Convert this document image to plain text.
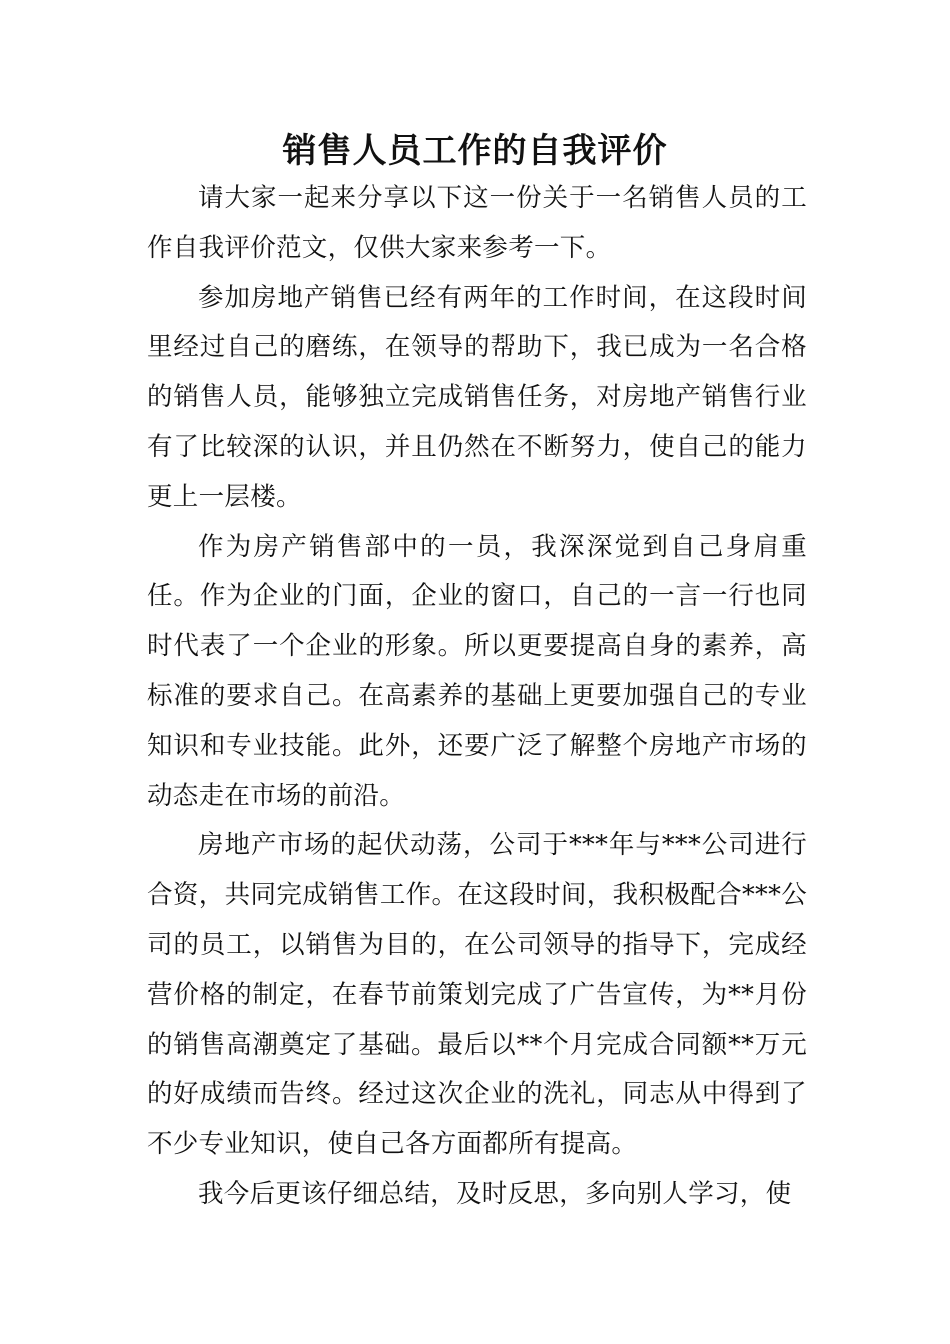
销售人员工作的自我评价

请大家一起来分享以下这一份关于一名销售人员的工作自我评价范文，仅供大家来参考一下。

参加房地产销售已经有两年的工作时间，在这段时间里经过自己的磨练，在领导的帮助下，我已成为一名合格的销售人员，能够独立完成销售任务，对房地产销售行业有了比较深的认识，并且仍然在不断努力，使自己的能力更上一层楼。

作为房产销售部中的一员，我深深觉到自己身肩重任。作为企业的门面，企业的窗口，自己的一言一行也同时代表了一个企业的形象。所以更要提高自身的素养，高标准的要求自己。在高素养的基础上更要加强自己的专业知识和专业技能。此外，还要广泛了解整个房地产市场的动态走在市场的前沿。

房地产市场的起伏动荡，公司于***年与***公司进行合资，共同完成销售工作。在这段时间，我积极配合***公司的员工，以销售为目的，在公司领导的指导下，完成经营价格的制定，在春节前策划完成了广告宣传，为**月份的销售高潮奠定了基础。最后以**个月完成合同额**万元的好成绩而告终。经过这次企业的洗礼，同志从中得到了不少专业知识，使自己各方面都所有提高。

我今后更该仔细总结，及时反思，多向别人学习，使
